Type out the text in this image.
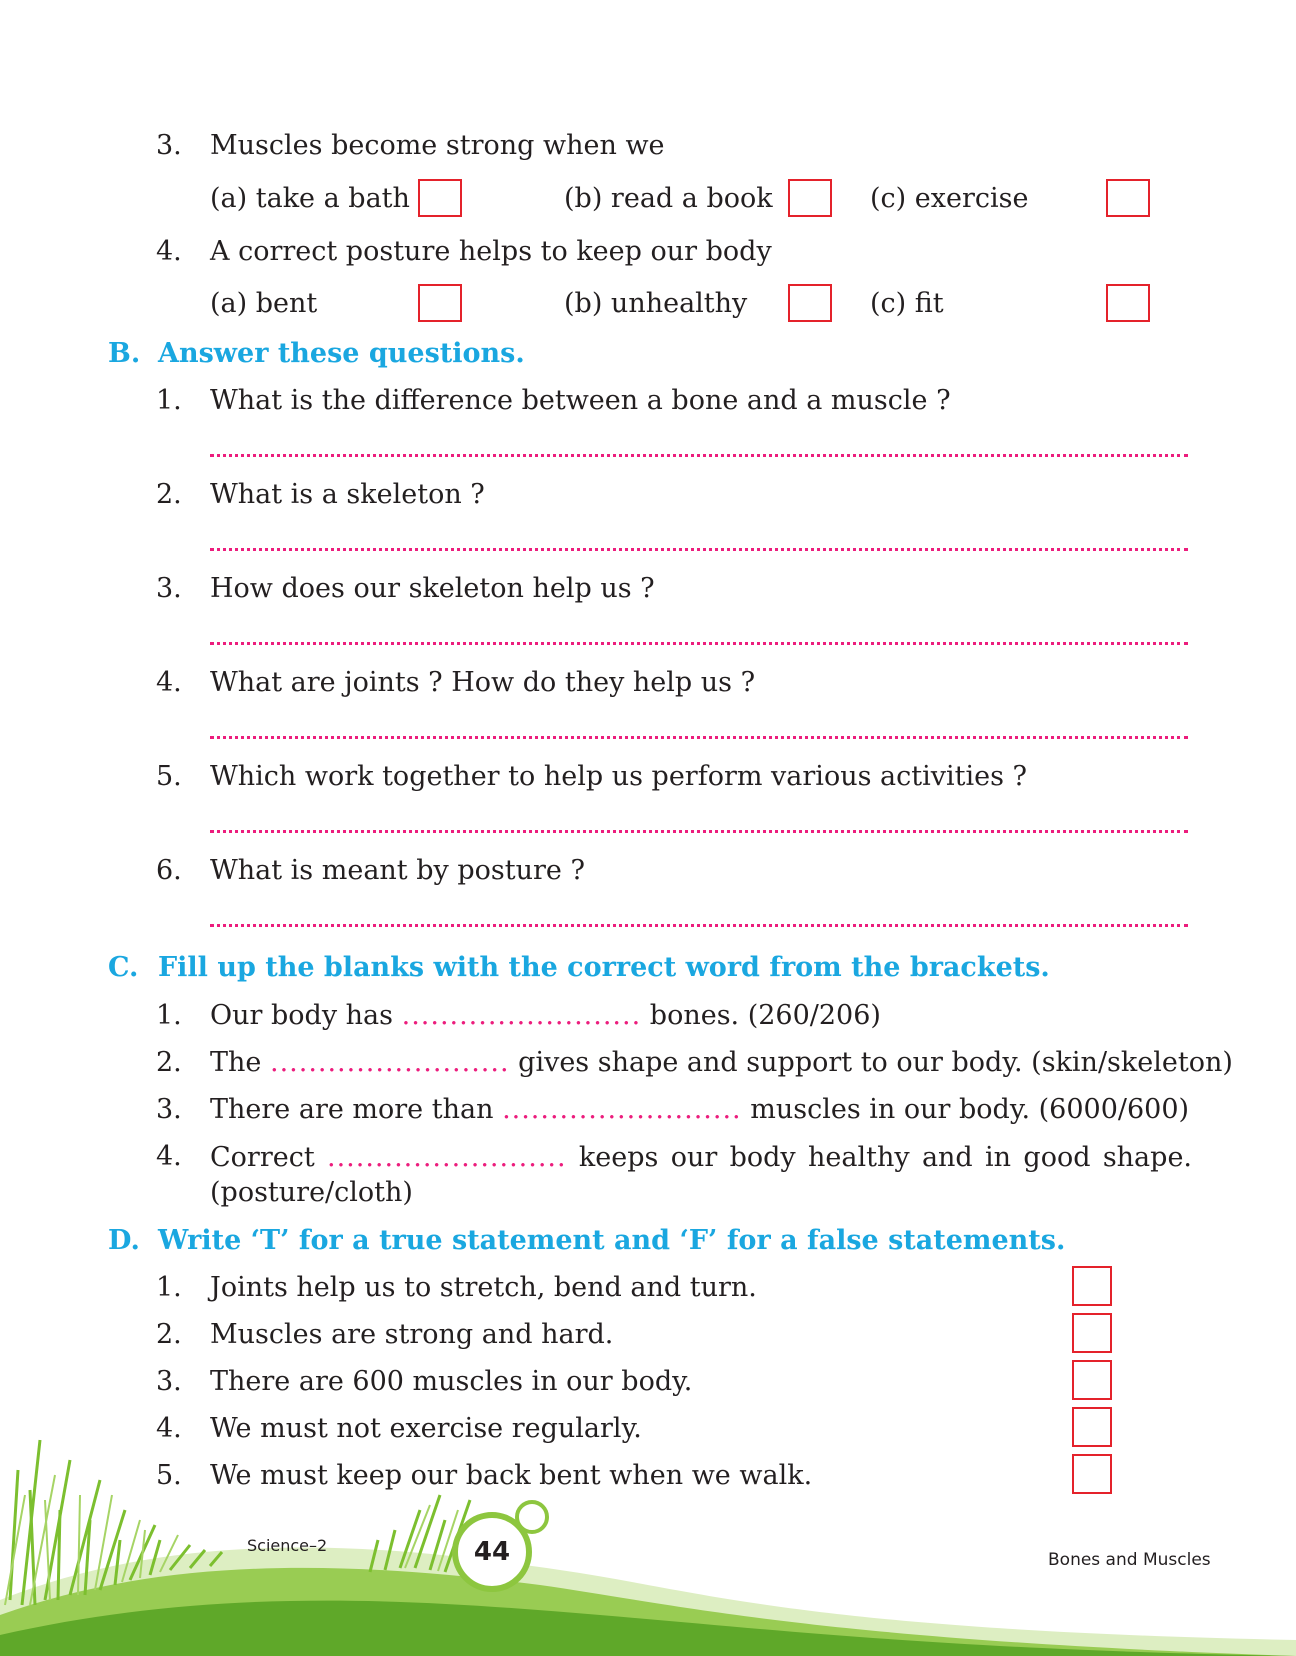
3. Muscles become strong when we
(a) take a bath	(b) read a book	(c) exercise
4. A correct posture helps to keep our body
(a) bent	(b) unhealthy	(c) fit
B. Answer these questions.
1. What is the difference between a bone and a muscle ?
2. What is a skeleton ?
3. How does our skeleton help us ?
4. What are joints ? How do they help us ?
5. Which work together to help us perform various activities ?
6. What is meant by posture ?
C. Fill up the blanks with the correct word from the brackets.
1. Our body has ......................... bones. (260/206)
2. The ......................... gives shape and support to our body. (skin/skeleton)
3. There are more than ......................... muscles in our body. (6000/600)
4. Correct ......................... keeps our body healthy and in good shape.
(posture/cloth)
D. Write ‘T’ for a true statement and ‘F’ for a false statements.
1. Joints help us to stretch, bend and turn.
2. Muscles are strong and hard.
3. There are 600 muscles in our body.
4. We must not exercise regularly.
5. We must keep our back bent when we walk.
44
Science–2
Bones and Muscles
